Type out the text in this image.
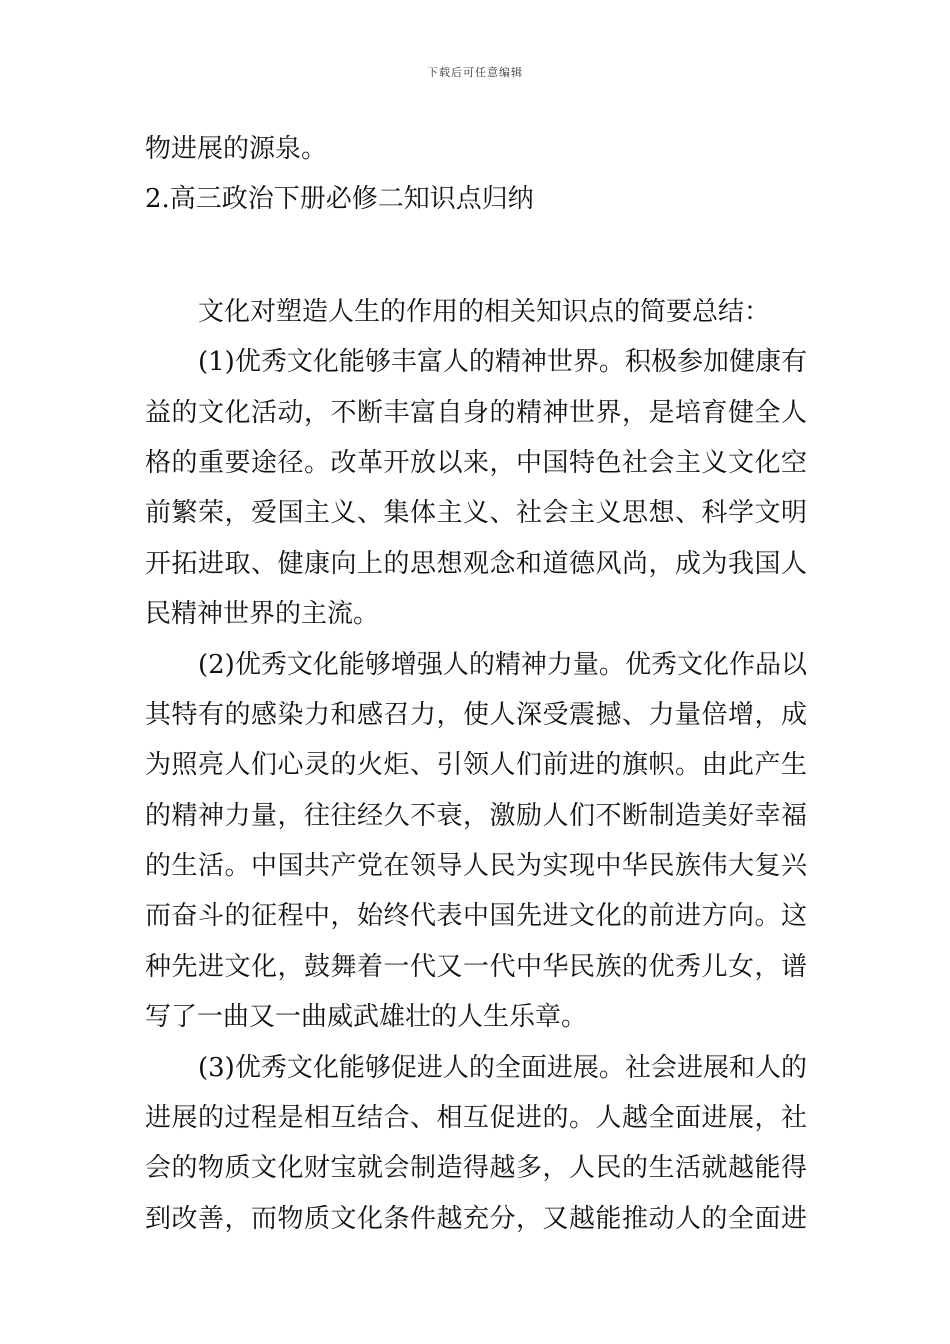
下载后可任意编辑
物进展的源泉。
2.高三政治下册必修二知识点归纳
文化对塑造人生的作用的相关知识点的简要总结：
(1)优秀文化能够丰富人的精神世界。积极参加健康有
益的文化活动，不断丰富自身的精神世界，是培育健全人
格的重要途径。改革开放以来，中国特色社会主义文化空
前繁荣，爱国主义、集体主义、社会主义思想、科学文明
开拓进取、健康向上的思想观念和道德风尚，成为我国人
民精神世界的主流。
(2)优秀文化能够增强人的精神力量。优秀文化作品以
其特有的感染力和感召力，使人深受震撼、力量倍增，成
为照亮人们心灵的火炬、引领人们前进的旗帜。由此产生
的精神力量，往往经久不衰，激励人们不断制造美好幸福
的生活。中国共产党在领导人民为实现中华民族伟大复兴
而奋斗的征程中，始终代表中国先进文化的前进方向。这
种先进文化，鼓舞着一代又一代中华民族的优秀儿女，谱
写了一曲又一曲威武雄壮的人生乐章。
(3)优秀文化能够促进人的全面进展。社会进展和人的
进展的过程是相互结合、相互促进的。人越全面进展，社
会的物质文化财宝就会制造得越多，人民的生活就越能得
到改善，而物质文化条件越充分，又越能推动人的全面进
